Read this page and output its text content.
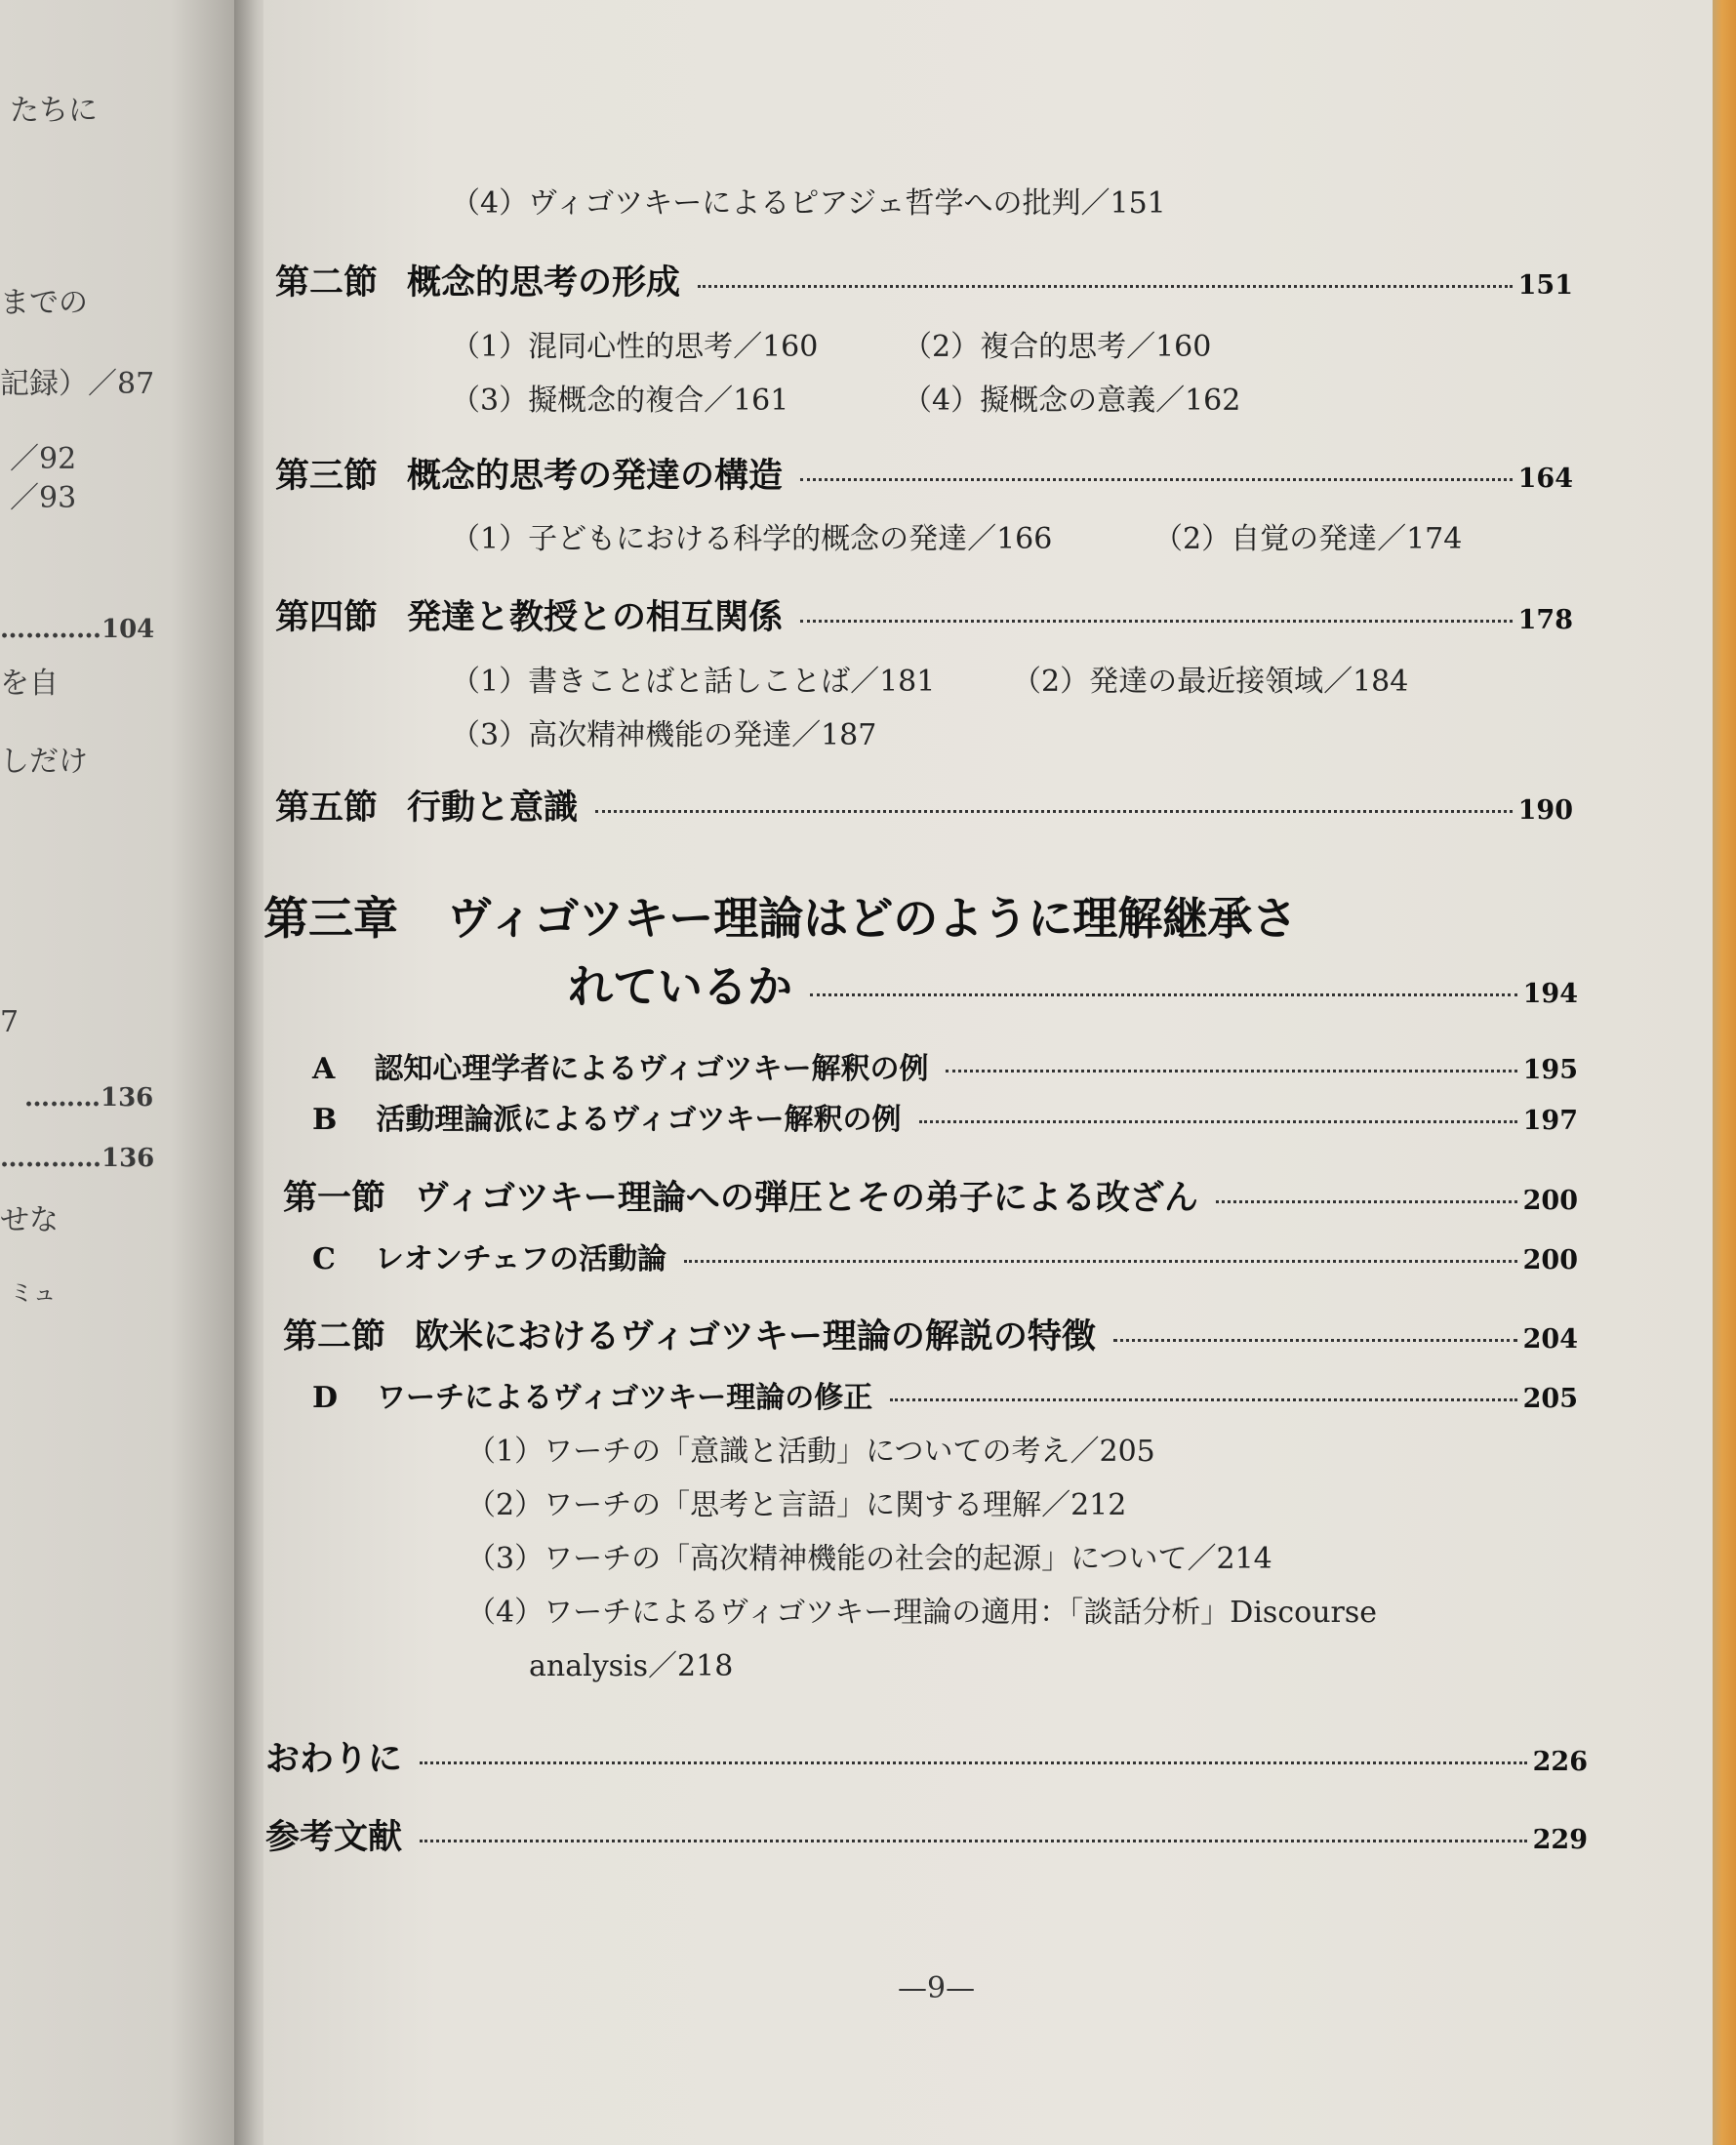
たちに
までの
記録）／87
／92
／93
…………104
を自
しだけ
7
………136
…………136
せな
ミュ
（4）ヴィゴツキーによるピアジェ哲学への批判／151
第二節 概念的思考の形成	151
（1）混同心性的思考／160	（2）複合的思考／160
（3）擬概念的複合／161	（4）擬概念の意義／162
第三節 概念的思考の発達の構造	164
（1）子どもにおける科学的概念の発達／166	（2）自覚の発達／174
第四節 発達と教授との相互関係	178
（1）書きことばと話しことば／181	（2）発達の最近接領域／184
（3）高次精神機能の発達／187
第五節 行動と意識	190
第三章 ヴィゴツキー理論はどのように理解継承さ
れているか	194
A 認知心理学者によるヴィゴツキー解釈の例	195
B 活動理論派によるヴィゴツキー解釈の例	197
第一節 ヴィゴツキー理論への弾圧とその弟子による改ざん	200
C レオンチェフの活動論	200
第二節 欧米におけるヴィゴツキー理論の解説の特徴	204
D ワーチによるヴィゴツキー理論の修正	205
（1）ワーチの「意識と活動」についての考え／205
（2）ワーチの「思考と言語」に関する理解／212
（3）ワーチの「高次精神機能の社会的起源」について／214
（4）ワーチによるヴィゴツキー理論の適用：「談話分析」Discourse
analysis／218
おわりに	226
参考文献	229
—9—
